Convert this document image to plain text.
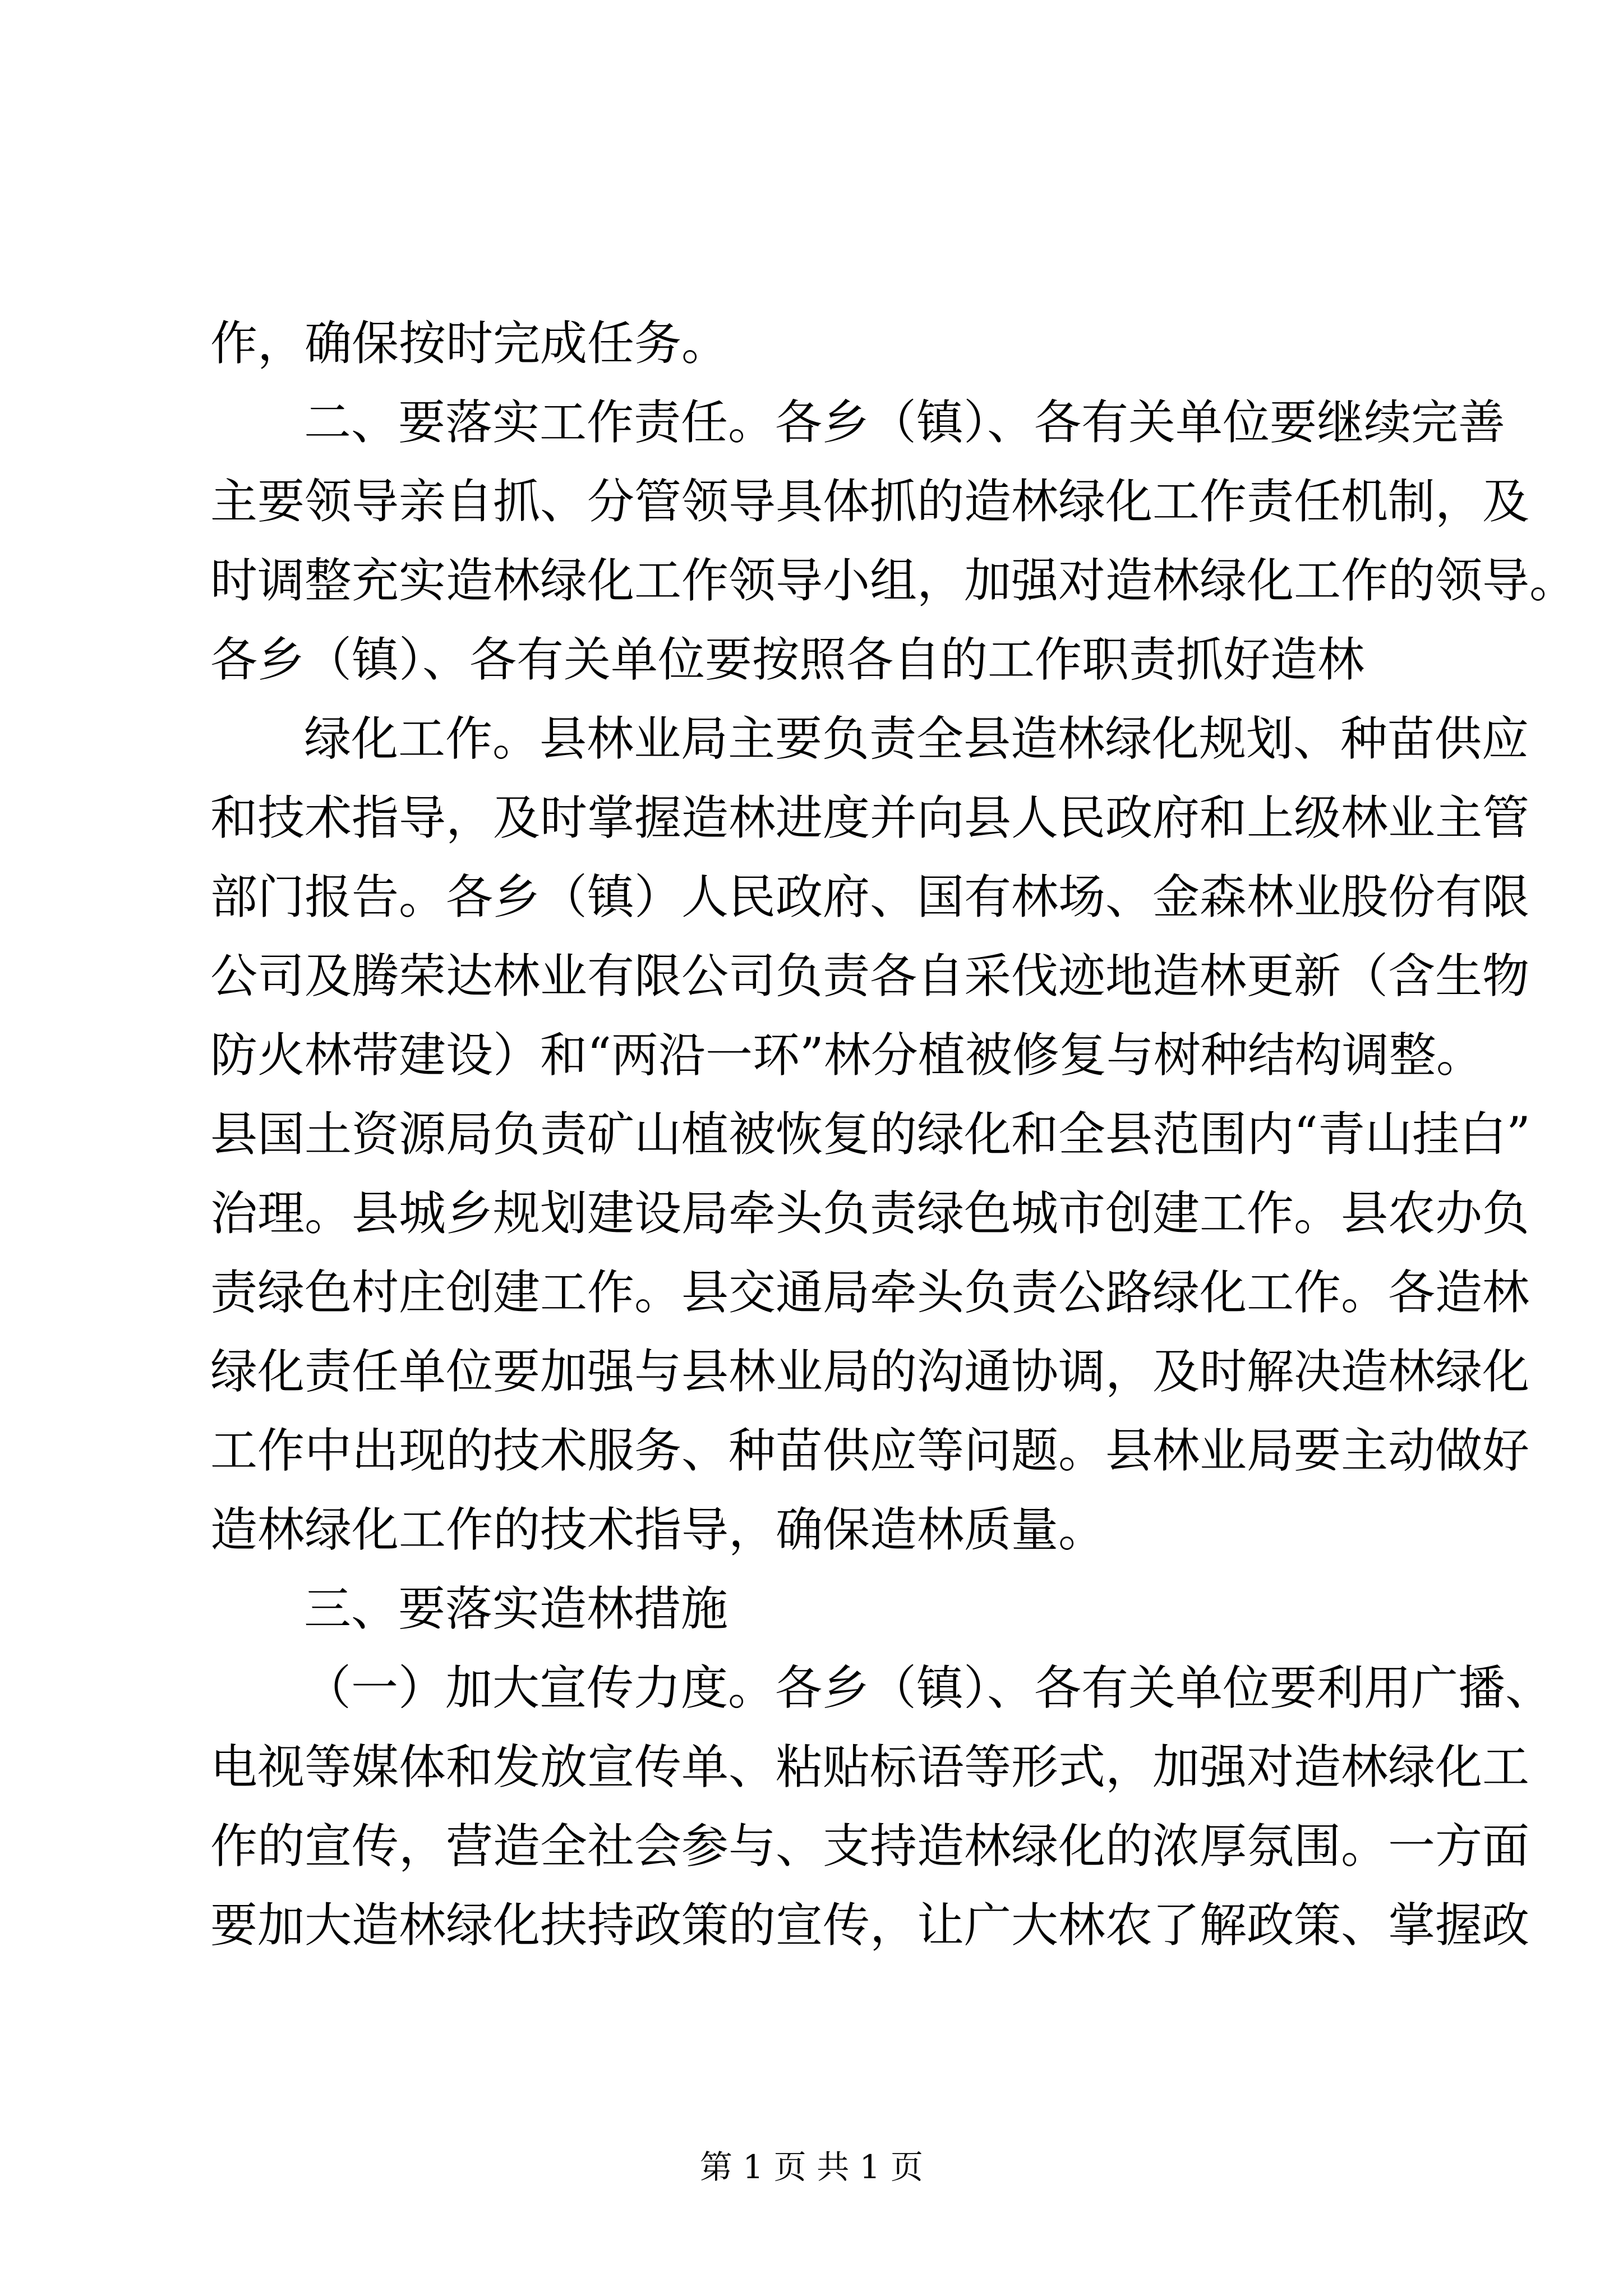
作，确保按时完成任务。

二、要落实工作责任。各乡（镇）、各有关单位要继续完善

主要领导亲自抓、分管领导具体抓的造林绿化工作责任机制，及

时调整充实造林绿化工作领导小组，加强对造林绿化工作的领导。

各乡（镇）、各有关单位要按照各自的工作职责抓好造林

绿化工作。县林业局主要负责全县造林绿化规划、种苗供应

和技术指导，及时掌握造林进度并向县人民政府和上级林业主管

部门报告。各乡（镇）人民政府、国有林场、金森林业股份有限

公司及腾荣达林业有限公司负责各自采伐迹地造林更新（含生物

防火林带建设）和“两沿一环”林分植被修复与树种结构调整。

县国土资源局负责矿山植被恢复的绿化和全县范围内“青山挂白”

治理。县城乡规划建设局牵头负责绿色城市创建工作。县农办负

责绿色村庄创建工作。县交通局牵头负责公路绿化工作。各造林

绿化责任单位要加强与县林业局的沟通协调，及时解决造林绿化

工作中出现的技术服务、种苗供应等问题。县林业局要主动做好

造林绿化工作的技术指导，确保造林质量。

三、要落实造林措施

（一）加大宣传力度。各乡（镇）、各有关单位要利用广播、

电视等媒体和发放宣传单、粘贴标语等形式，加强对造林绿化工

作的宣传，营造全社会参与、支持造林绿化的浓厚氛围。一方面

要加大造林绿化扶持政策的宣传，让广大林农了解政策、掌握政

第 1 页 共 1 页
